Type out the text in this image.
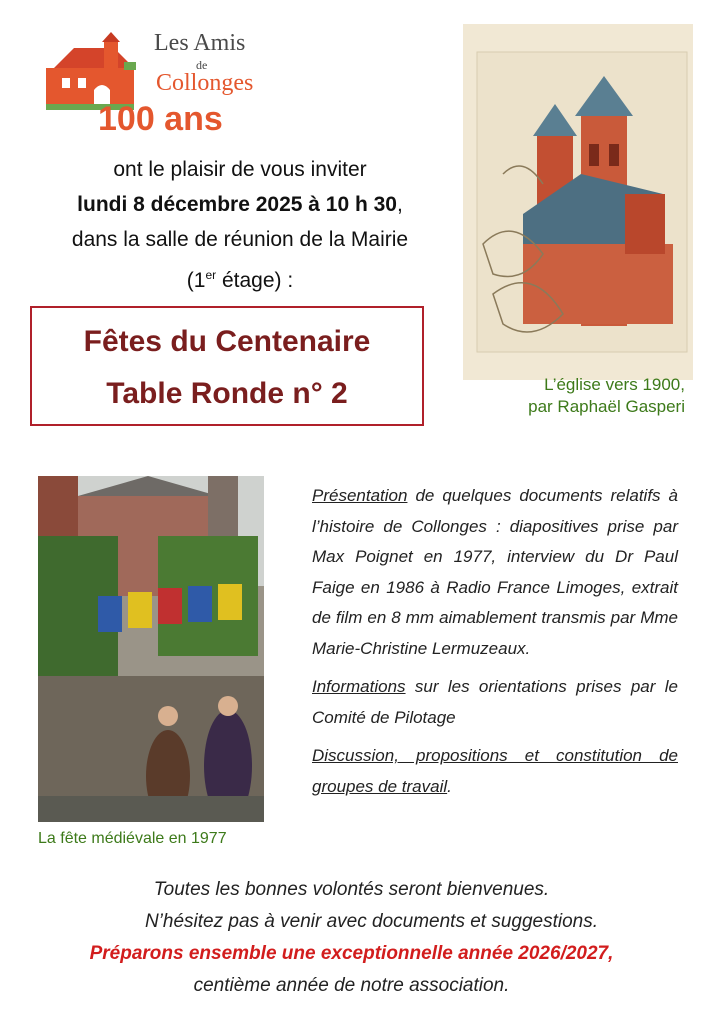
Les Amis
de
Collonges
100 ans
ont le plaisir de vous inviter
lundi 8 décembre 2025 à 10 h 30,
dans la salle de réunion de la Mairie
(1er étage) :
Fêtes du Centenaire
Table Ronde n° 2	L’église vers 1900,
par Raphaël Gasperi
La fête médiévale en 1977

Présentation de quelques documents relatifs à l’histoire de Collonges : diapositives prise par Max Poignet en 1977, interview du Dr Paul Faige en 1986 à Radio France Limoges, extrait de film en 8 mm aimablement transmis par Mme Marie-Christine Lermuzeaux.

Informations sur les orientations prises par le Comité de Pilotage

Discussion, propositions et constitution de groupes de travail.

Toutes les bonnes volontés seront bienvenues.
N’hésitez pas à venir avec documents et suggestions.
Préparons ensemble une exceptionnelle année 2026/2027,
centième année de notre association.
